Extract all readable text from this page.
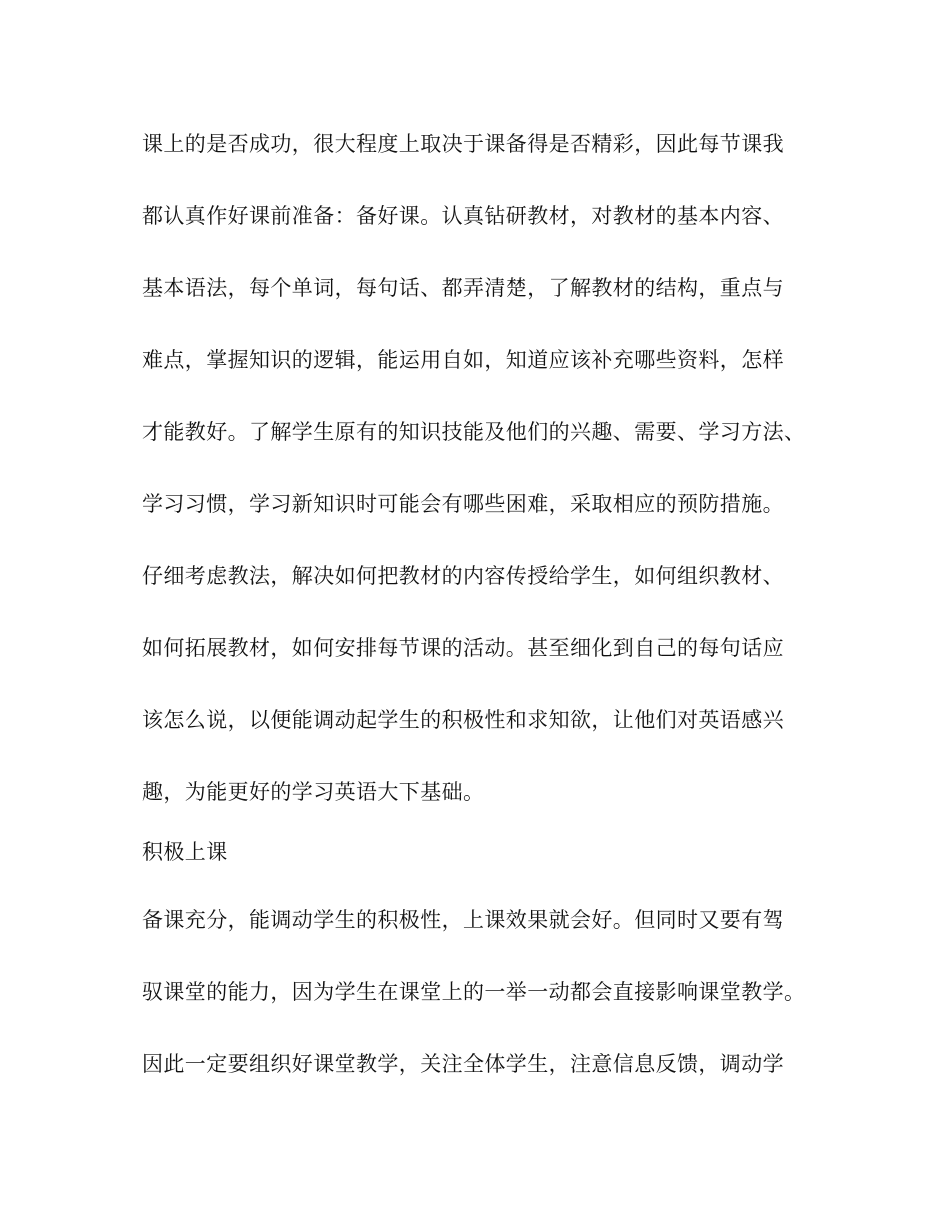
课上的是否成功，很大程度上取决于课备得是否精彩，因此每节课我
都认真作好课前准备：备好课。认真钻研教材，对教材的基本内容、
基本语法，每个单词，每句话、都弄清楚，了解教材的结构，重点与
难点，掌握知识的逻辑，能运用自如，知道应该补充哪些资料，怎样
才能教好。了解学生原有的知识技能及他们的兴趣、需要、学习方法、
学习习惯，学习新知识时可能会有哪些困难，采取相应的预防措施。
仔细考虑教法，解决如何把教材的内容传授给学生，如何组织教材、
如何拓展教材，如何安排每节课的活动。甚至细化到自己的每句话应
该怎么说，以便能调动起学生的积极性和求知欲，让他们对英语感兴
趣，为能更好的学习英语大下基础。
积极上课
备课充分，能调动学生的积极性，上课效果就会好。但同时又要有驾
驭课堂的能力，因为学生在课堂上的一举一动都会直接影响课堂教学。
因此一定要组织好课堂教学，关注全体学生，注意信息反馈，调动学
